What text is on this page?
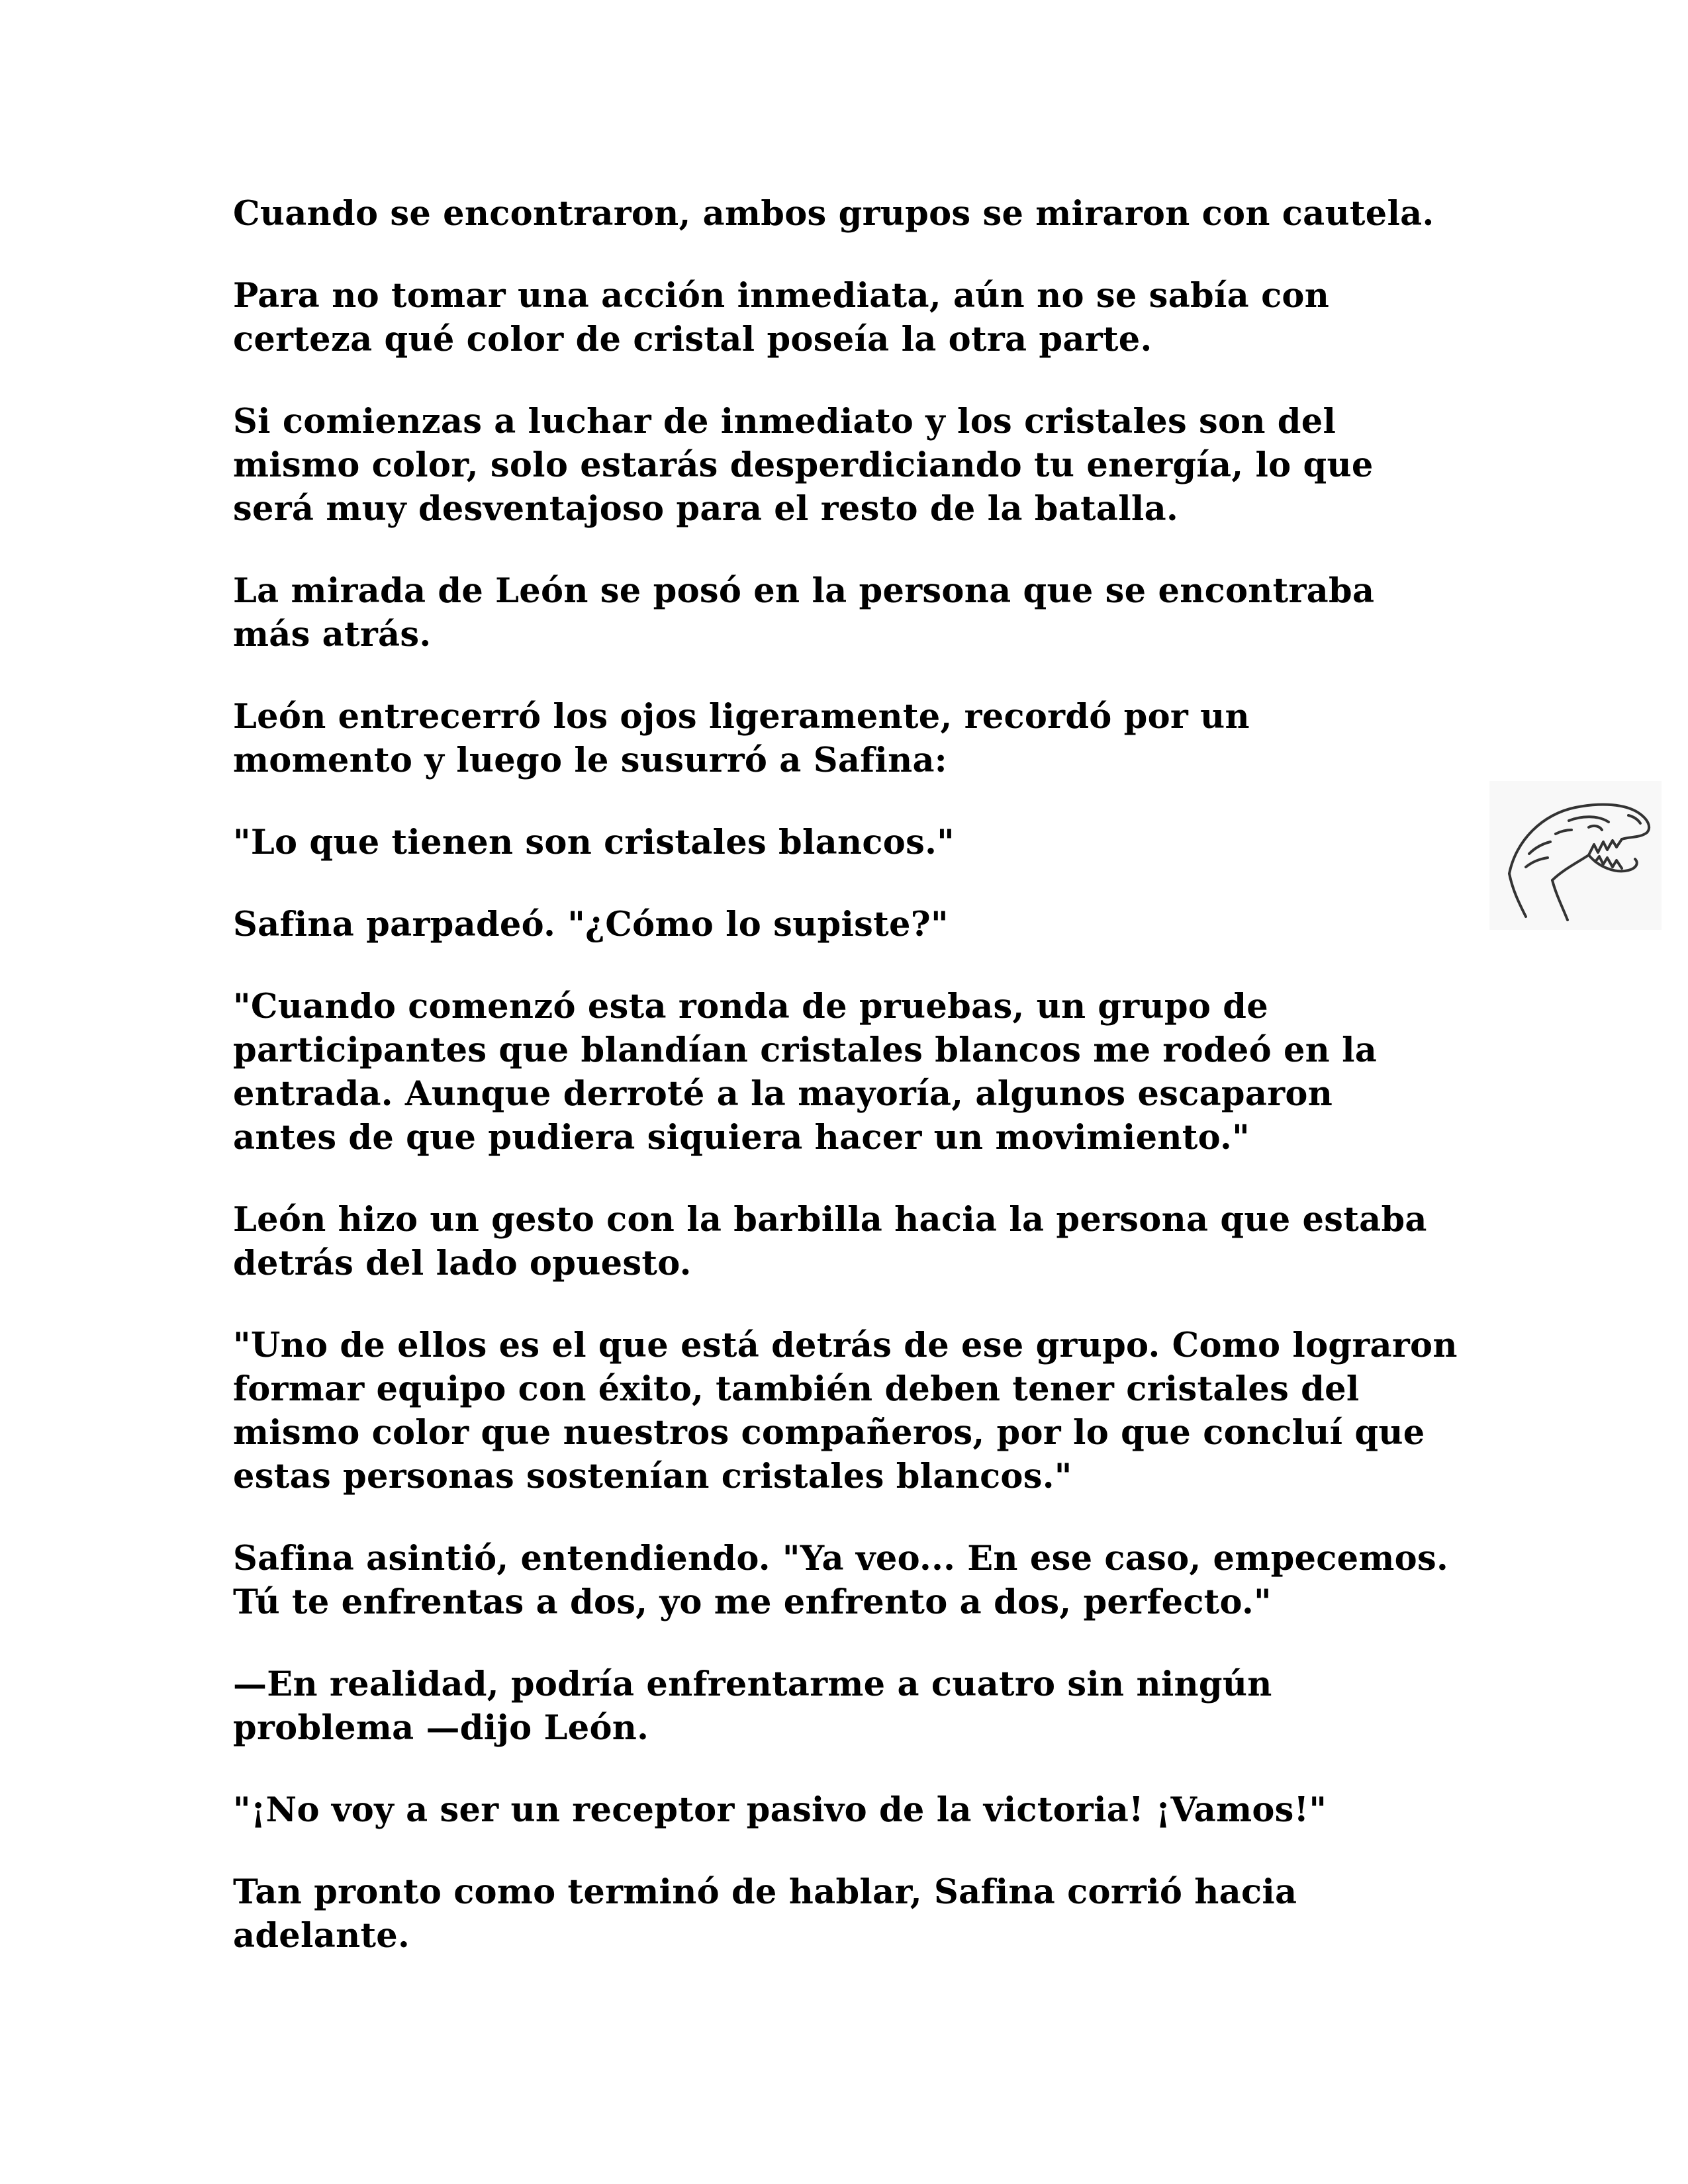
Cuando se encontraron, ambos grupos se miraron con cautela.

Para no tomar una acción inmediata, aún no se sabía con
certeza qué color de cristal poseía la otra parte.

Si comienzas a luchar de inmediato y los cristales son del
mismo color, solo estarás desperdiciando tu energía, lo que
será muy desventajoso para el resto de la batalla.

La mirada de León se posó en la persona que se encontraba
más atrás.

León entrecerró los ojos ligeramente, recordó por un
momento y luego le susurró a Safina:

"Lo que tienen son cristales blancos."

Safina parpadeó. "¿Cómo lo supiste?"

"Cuando comenzó esta ronda de pruebas, un grupo de
participantes que blandían cristales blancos me rodeó en la
entrada. Aunque derroté a la mayoría, algunos escaparon
antes de que pudiera siquiera hacer un movimiento."

León hizo un gesto con la barbilla hacia la persona que estaba
detrás del lado opuesto.

"Uno de ellos es el que está detrás de ese grupo. Como lograron
formar equipo con éxito, también deben tener cristales del
mismo color que nuestros compañeros, por lo que concluí que
estas personas sostenían cristales blancos."

Safina asintió, entendiendo. "Ya veo... En ese caso, empecemos.
Tú te enfrentas a dos, yo me enfrento a dos, perfecto."

—En realidad, podría enfrentarme a cuatro sin ningún
problema —dijo León.

"¡No voy a ser un receptor pasivo de la victoria! ¡Vamos!"

Tan pronto como terminó de hablar, Safina corrió hacia
adelante.
